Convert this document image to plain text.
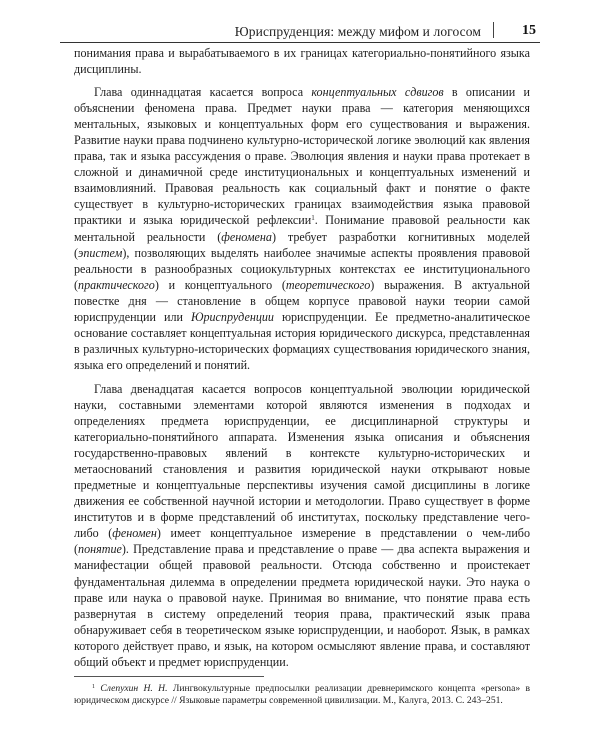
Юриспруденция: между мифом и логосом	15

понимания права и вырабатываемого в их границах категориально-понятийного языка дисциплины.

Глава одиннадцатая касается вопроса концептуальных сдвигов в описании и объяснении феномена права. Предмет науки права — категория меняющихся ментальных, языковых и концептуальных форм его существования и выражения. Развитие науки права подчинено культурно-исторической логике эволюций как явления права, так и языка рассуждения о праве. Эволюция явления и науки права протекает в сложной и динамичной среде институциональных и концептуальных изменений и взаимовлияний. Правовая реальность как социальный факт и понятие о факте существует в культурно-исторических границах взаимодействия языка правовой практики и языка юридической рефлексии$^1$. Понимание правовой реальности как ментальной реальности (феномена) требует разработки когнитивных моделей (эпистем), позволяющих выделять наиболее значимые аспекты проявления правовой реальности в разнообразных социокультурных контекстах ее институционального (практического) и концептуального (теоретического) выражения. В актуальной повестке дня — становление в общем корпусе правовой науки теории самой юриспруденции или Юриспруденции юриспруденции. Ее предметно-аналитическое основание составляет концептуальная история юридического дискурса, представленная в различных культурно-исторических формациях существования юридического знания, языка его определений и понятий.

Глава двенадцатая касается вопросов концептуальной эволюции юридической науки, составными элементами которой являются изменения в подходах и определениях предмета юриспруденции, ее дисциплинарной структуры и категориально-понятийного аппарата. Изменения языка описания и объяснения государственно-правовых явлений в контексте культурно-исторических и метаоснований становления и развития юридической науки открывают новые предметные и концептуальные перспективы изучения самой дисциплины в логике движения ее собственной научной истории и методологии. Право существует в форме институтов и в форме представлений об институтах, поскольку представление чего-либо (феномен) имеет концептуальное измерение в представлении о чем-либо (понятие). Представление права и представление о праве — два аспекта выражения и манифестации общей правовой реальности. Отсюда собственно и проистекает фундаментальная дилемма в определении предмета юридической науки. Это наука о праве или наука о правовой науке. Принимая во внимание, что понятие права есть развернутая в систему определений теория права, практический язык права обнаруживает себя в теоретическом языке юриспруденции, и наоборот. Язык, в рамках которого действует право, и язык, на котором осмысляют явление права, и составляют общий объект и предмет юриспруденции.

$^1$ Слепухин Н. Н. Лингвокультурные предпосылки реализации древнеримского концепта «persona» в юридическом дискурсе // Языковые параметры современной цивилизации. М., Калуга, 2013. С. 243–251.
